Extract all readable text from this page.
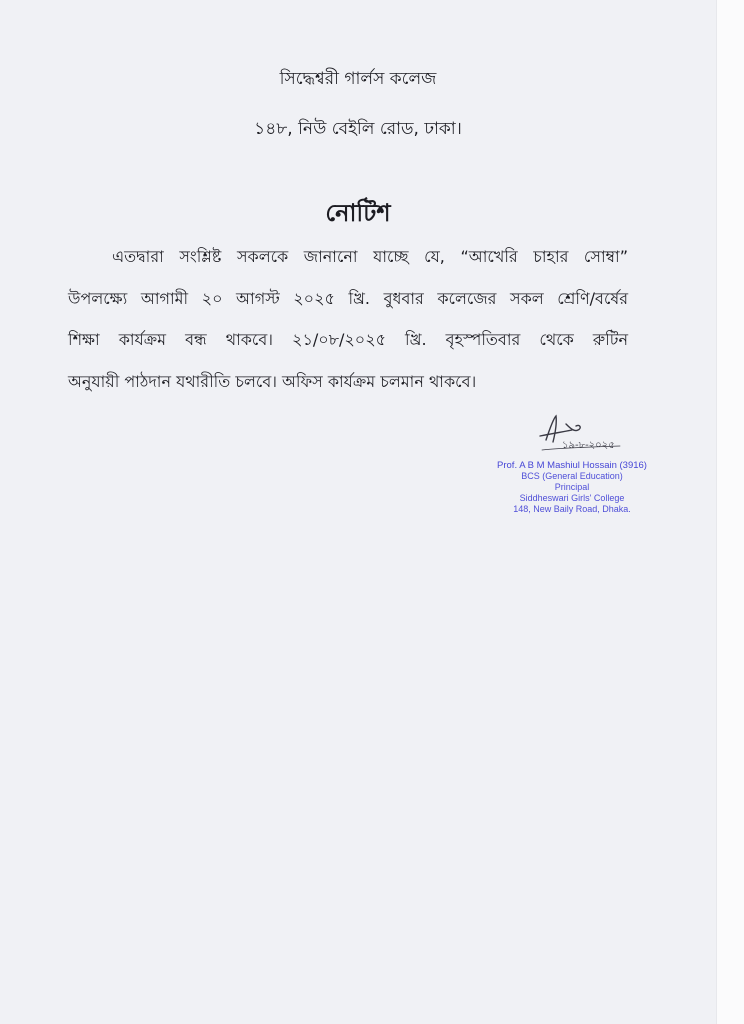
সিদ্ধেশ্বরী গার্লস কলেজ
১৪৮, নিউ বেইলি রোড, ঢাকা।
নোটিশ
এতদ্বারা সংশ্লিষ্ট সকলকে জানানো যাচ্ছে যে, “আখেরি চাহার সোম্বা”
উপলক্ষ্যে আগামী ২০ আগস্ট ২০২৫ খ্রি. বুধবার কলেজের সকল শ্রেণি/বর্ষের
শিক্ষা কার্যক্রম বন্ধ থাকবে। ২১/০৮/২০২৫ খ্রি. বৃহস্পতিবার থেকে রুটিন
অনুযায়ী পাঠদান যথারীতি চলবে। অফিস কার্যক্রম চলমান থাকবে।
১৯-৮-২০২৫
Prof. A B M Mashiul Hossain (3916)
BCS (General Education)
Principal
Siddheswari Girls' College
148, New Baily Road, Dhaka.
